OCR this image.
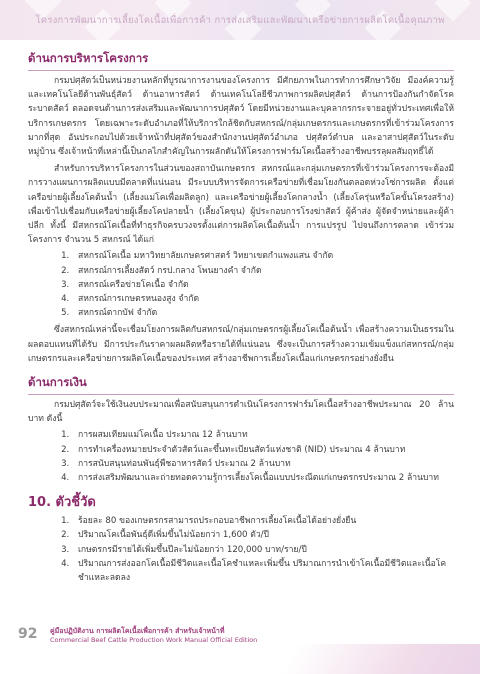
โครงการพัฒนาการเลี้ยงโคเนื้อเพื่อการค้า การส่งเสริมและพัฒนาเครือข่ายการผลิตโคเนื้อคุณภาพ
ด้านการบริหารโครงการ

กรมปศุสัตว์เป็นหน่วยงานหลักที่บูรณาการงานของโครงการ มีศักยภาพในการทำการศึกษาวิจัย มีองค์ความรู้และเทคโนโลยีด้านพันธุ์สัตว์ ด้านอาหารสัตว์ ด้านเทคโนโลยีชีวภาพการผลิตปศุสัตว์ ด้านการป้องกันกำจัดโรคระบาดสัตว์ ตลอดจนด้านการส่งเสริมและพัฒนาการปศุสัตว์ โดยมีหน่วยงานและบุคลากรกระจายอยู่ทั่วประเทศเพื่อให้บริการเกษตรกร โดยเฉพาะระดับอำเภอที่ให้บริการใกล้ชิดกับสหกรณ์/กลุ่มเกษตรกรและเกษตรกรที่เข้าร่วมโครงการมากที่สุด อันประกอบไปด้วยเจ้าหน้าที่ปศุสัตว์ของสำนักงานปศุสัตว์อำเภอ ปศุสัตว์ตำบล และอาสาปศุสัตว์ในระดับหมู่บ้าน ซึ่งเจ้าหน้าที่เหล่านี้เป็นกลไกสำคัญในการผลักดันให้โครงการฟาร์มโคเนื้อสร้างอาชีพบรรลุผลสัมฤทธิ์ได้

สำหรับการบริหารโครงการในส่วนของสถาบันเกษตรกร สหกรณ์และกลุ่มเกษตรกรที่เข้าร่วมโครงการจะต้องมีการวางแผนการผลิตแบบมีตลาดที่แน่นอน มีระบบบริหารจัดการเครือข่ายที่เชื่อมโยงกันตลอดห่วงโซ่การผลิต ตั้งแต่เครือข่ายผู้เลี้ยงโคต้นน้ำ (เลี้ยงแม่โคเพื่อผลิตลูก) และเครือข่ายผู้เลี้ยงโคกลางน้ำ (เลี้ยงโครุ่นหรือโคขั้นโครงสร้าง) เพื่อเข้าไปเชื่อมกับเครือข่ายผู้เลี้ยงโคปลายน้ำ (เลี้ยงโคขุน) ผู้ประกอบการโรงฆ่าสัตว์ ผู้ค้าส่ง ผู้จัดจำหน่ายและผู้ค้าปลีก ทั้งนี้ มีสหกรณ์โคเนื้อที่ทำธุรกิจครบวงจรตั้งแต่การผลิตโคเนื้อต้นน้ำ การแปรรูป ไปจนถึงการตลาด เข้าร่วมโครงการ จำนวน 5 สหกรณ์ ได้แก่

1. สหกรณ์โคเนื้อ มหาวิทยาลัยเกษตรศาสตร์ วิทยาเขตกำแพงแสน จำกัด
2. สหกรณ์การเลี้ยงสัตว์ กรป.กลาง โพนยางคำ จำกัด
3. สหกรณ์เครือข่ายโคเนื้อ จำกัด
4. สหกรณ์การเกษตรหนองสูง จำกัด
5. สหกรณ์ตากบัฟ จำกัด

ซึ่งสหกรณ์เหล่านี้จะเชื่อมโยงการผลิตกับสหกรณ์/กลุ่มเกษตรกรผู้เลี้ยงโคเนื้อต้นน้ำ เพื่อสร้างความเป็นธรรมในผลตอบแทนที่ได้รับ มีการประกันราคาผลผลิตหรือรายได้ที่แน่นอน ซึ่งจะเป็นการสร้างความเข้มแข็งแก่สหกรณ์/กลุ่มเกษตรกรและเครือข่ายการผลิตโคเนื้อของประเทศ สร้างอาชีพการเลี้ยงโคเนื้อแก่เกษตรกรอย่างยั่งยืน

ด้านการเงิน

กรมปศุสัตว์จะใช้เงินงบประมาณเพื่อสนับสนุนการดำเนินโครงการฟาร์มโคเนื้อสร้างอาชีพประมาณ 20 ล้านบาท ดังนี้

1. การผสมเทียมแม่โคเนื้อ ประมาณ 12 ล้านบาท
2. การทำเครื่องหมายประจำตัวสัตว์และขึ้นทะเบียนสัตว์แห่งชาติ (NID) ประมาณ 4 ล้านบาท
3. การสนับสนุนท่อนพันธุ์พืชอาหารสัตว์ ประมาณ 2 ล้านบาท
4. การส่งเสริมพัฒนาและถ่ายทอดความรู้การเลี้ยงโคเนื้อแบบประณีตแก่เกษตรกรประมาณ 2 ล้านบาท
10. ตัวชี้วัด
1. ร้อยละ 80 ของเกษตรกรสามารถประกอบอาชีพการเลี้ยงโคเนื้อได้อย่างยั่งยืน
2. ปริมาณโคเนื้อพันธุ์ดีเพิ่มขึ้นไม่น้อยกว่า 1,600 ตัว/ปี
3. เกษตรกรมีรายได้เพิ่มขึ้นปีละไม่น้อยกว่า 120,000 บาท/ราย/ปี
4. ปริมาณการส่งออกโคเนื้อมีชีวิตและเนื้อโคชำแหละเพิ่มขึ้น ปริมาณการนำเข้าโคเนื้อมีชีวิตและเนื้อโคชำแหละลดลง
92 คู่มือปฏิบัติงาน การผลิตโคเนื้อเพื่อการค้า สำหรับเจ้าหน้าที่
Commercial Beef Cattle Production Work Manual Official Edition
